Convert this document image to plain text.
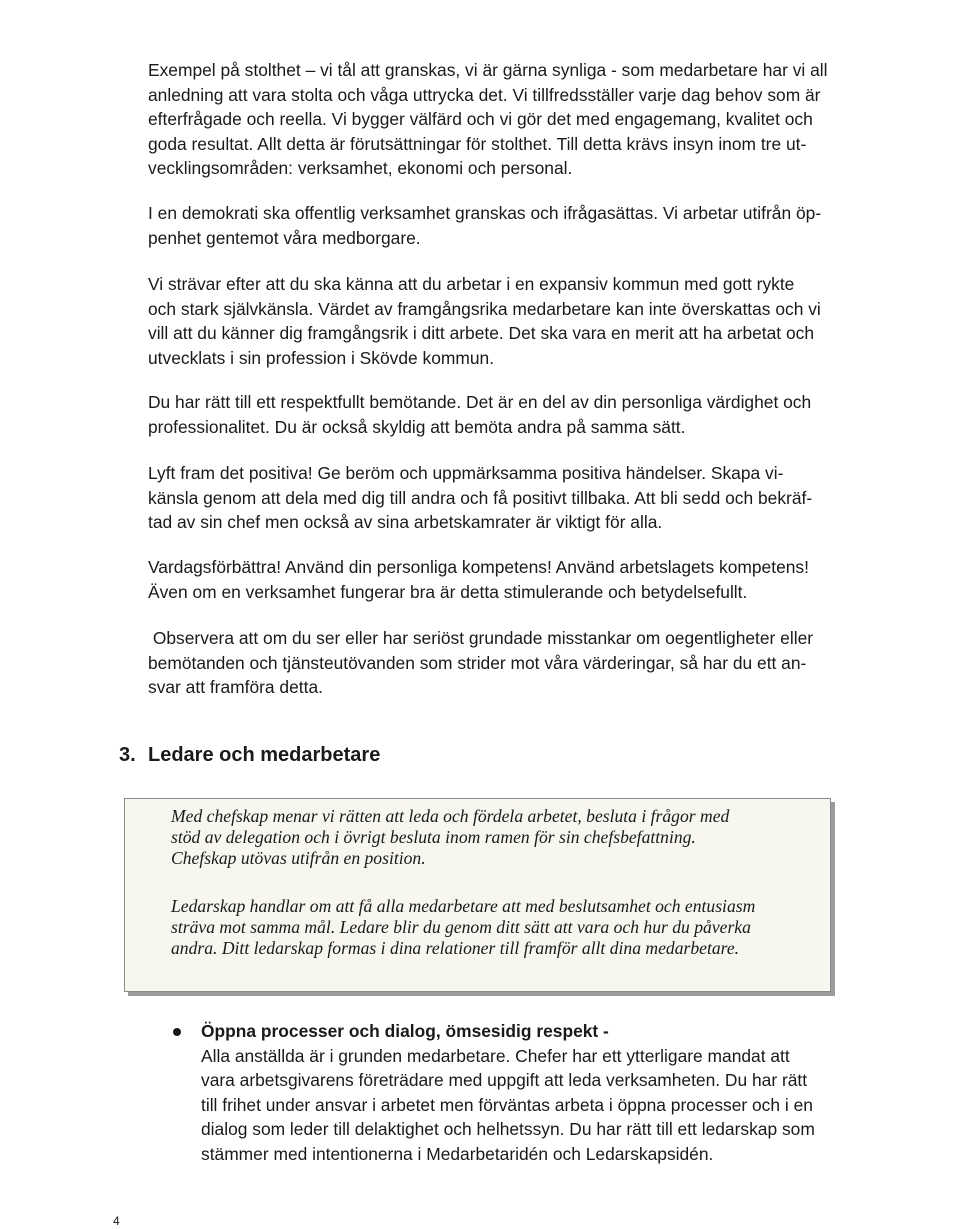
Exempel på stolthet – vi tål att granskas, vi är gärna synliga - som medarbetare har vi all
anledning att vara stolta och våga uttrycka det. Vi tillfredsställer varje dag behov som är
efterfrågade och reella. Vi bygger välfärd och vi gör det med engagemang, kvalitet och
goda resultat. Allt detta är förutsättningar för stolthet. Till detta krävs insyn inom tre ut-
vecklingsområden: verksamhet, ekonomi och personal.

I en demokrati ska offentlig verksamhet granskas och ifrågasättas. Vi arbetar utifrån öp-
penhet gentemot våra medborgare.

Vi strävar efter att du ska känna att du arbetar i en expansiv kommun med gott rykte
och stark självkänsla. Värdet av framgångsrika medarbetare kan inte överskattas och vi
vill att du känner dig framgångsrik i ditt arbete. Det ska vara en merit att ha arbetat och
utvecklats i sin profession i Skövde kommun.

Du har rätt till ett respektfullt bemötande. Det är en del av din personliga värdighet och
professionalitet. Du är också skyldig att bemöta andra på samma sätt.

Lyft fram det positiva! Ge beröm och uppmärksamma positiva händelser. Skapa vi-
känsla genom att dela med dig till andra och få positivt tillbaka. Att bli sedd och bekräf-
tad av sin chef men också av sina arbetskamrater är viktigt för alla.

Vardagsförbättra! Använd din personliga kompetens! Använd arbetslagets kompetens!
Även om en verksamhet fungerar bra är detta stimulerande och betydelsefullt.

Observera att om du ser eller har seriöst grundade misstankar om oegentligheter eller
bemötanden och tjänsteutövanden som strider mot våra värderingar, så har du ett an-
svar att framföra detta.

3. Ledare och medarbetare

Med chefskap menar vi rätten att leda och fördela arbetet, besluta i frågor med
stöd av delegation och i övrigt besluta inom ramen för sin chefsbefattning.
Chefskap utövas utifrån en position.

Ledarskap handlar om att få alla medarbetare att med beslutsamhet och entusiasm
sträva mot samma mål. Ledare blir du genom ditt sätt att vara och hur du påverka
andra. Ditt ledarskap formas i dina relationer till framför allt dina medarbetare.

Öppna processer och dialog, ömsesidig respekt -
Alla anställda är i grunden medarbetare. Chefer har ett ytterligare mandat att
vara arbetsgivarens företrädare med uppgift att leda verksamheten. Du har rätt
till frihet under ansvar i arbetet men förväntas arbeta i öppna processer och i en
dialog som leder till delaktighet och helhetssyn. Du har rätt till ett ledarskap som
stämmer med intentionerna i Medarbetaridén och Ledarskapsidén.
4
